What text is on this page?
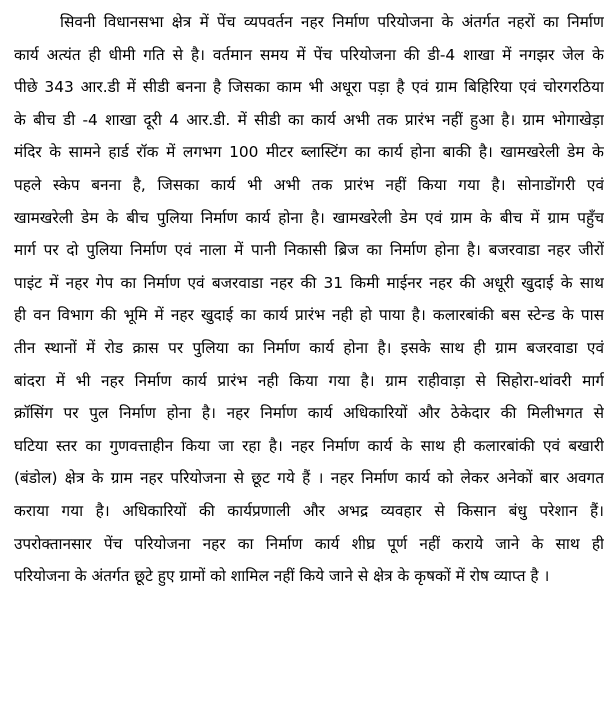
सिवनी विधानसभा क्षेत्र में पेंच व्यपवर्तन नहर निर्माण परियोजना के अंतर्गत नहरों का निर्माण
कार्य अत्यंत ही धीमी गति से है। वर्तमान समय में पेंच परियोजना की डी-4 शाखा में नगझर जेल के
पीछे 343 आर.डी में सीडी बनना है जिसका काम भी अधूरा पड़ा है एवं ग्राम बिहिरिया एवं चोरगरठिया
के बीच डी -4 शाखा दूरी 4 आर.डी. में सीडी का कार्य अभी तक प्रारंभ नहीं हुआ है। ग्राम भोगाखेड़ा
मंदिर के सामने हार्ड रॉक में लगभग 100 मीटर ब्लास्टिंग का कार्य होना बाकी है। खामखरेली डेम के
पहले स्केप बनना है, जिसका कार्य भी अभी तक प्रारंभ नहीं किया गया है। सोनाडोंगरी एवं
खामखरेली डेम के बीच पुलिया निर्माण कार्य होना है। खामखरेली डेम एवं ग्राम के बीच में ग्राम पहुँच
मार्ग पर दो पुलिया निर्माण एवं नाला में पानी निकासी ब्रिज का निर्माण होना है। बजरवाडा नहर जीरों
पाइंट में नहर गेप का निर्माण एवं बजरवाडा नहर की 31 किमी माईनर नहर की अधूरी खुदाई के साथ
ही वन विभाग की भूमि में नहर खुदाई का कार्य प्रारंभ नही हो पाया है। कलारबांकी बस स्टेन्ड के पास
तीन स्थानों में रोड क्रास पर पुलिया का निर्माण कार्य होना है। इसके साथ ही ग्राम बजरवाडा एवं
बांदरा में भी नहर निर्माण कार्य प्रारंभ नही किया गया है। ग्राम राहीवाड़ा से सिहोरा-थांवरी मार्ग
क्रॉसिंग पर पुल निर्माण होना है। नहर निर्माण कार्य अधिकारियों और ठेकेदार की मिलीभगत से
घटिया स्तर का गुणवत्ताहीन किया जा रहा है। नहर निर्माण कार्य के साथ ही कलारबांकी एवं बखारी
(बंडोल) क्षेत्र के ग्राम नहर परियोजना से छूट गये हैं । नहर निर्माण कार्य को लेकर अनेकों बार अवगत
कराया गया है। अधिकारियों की कार्यप्रणाली और अभद्र व्यवहार से किसान बंधु परेशान हैं।
उपरोक्तानसार पेंच परियोजना नहर का निर्माण कार्य शीघ्र पूर्ण नहीं कराये जाने के साथ ही
परियोजना के अंतर्गत छूटे हुए ग्रामों को शामिल नहीं किये जाने से क्षेत्र के कृषकों में रोष व्याप्त है ।
